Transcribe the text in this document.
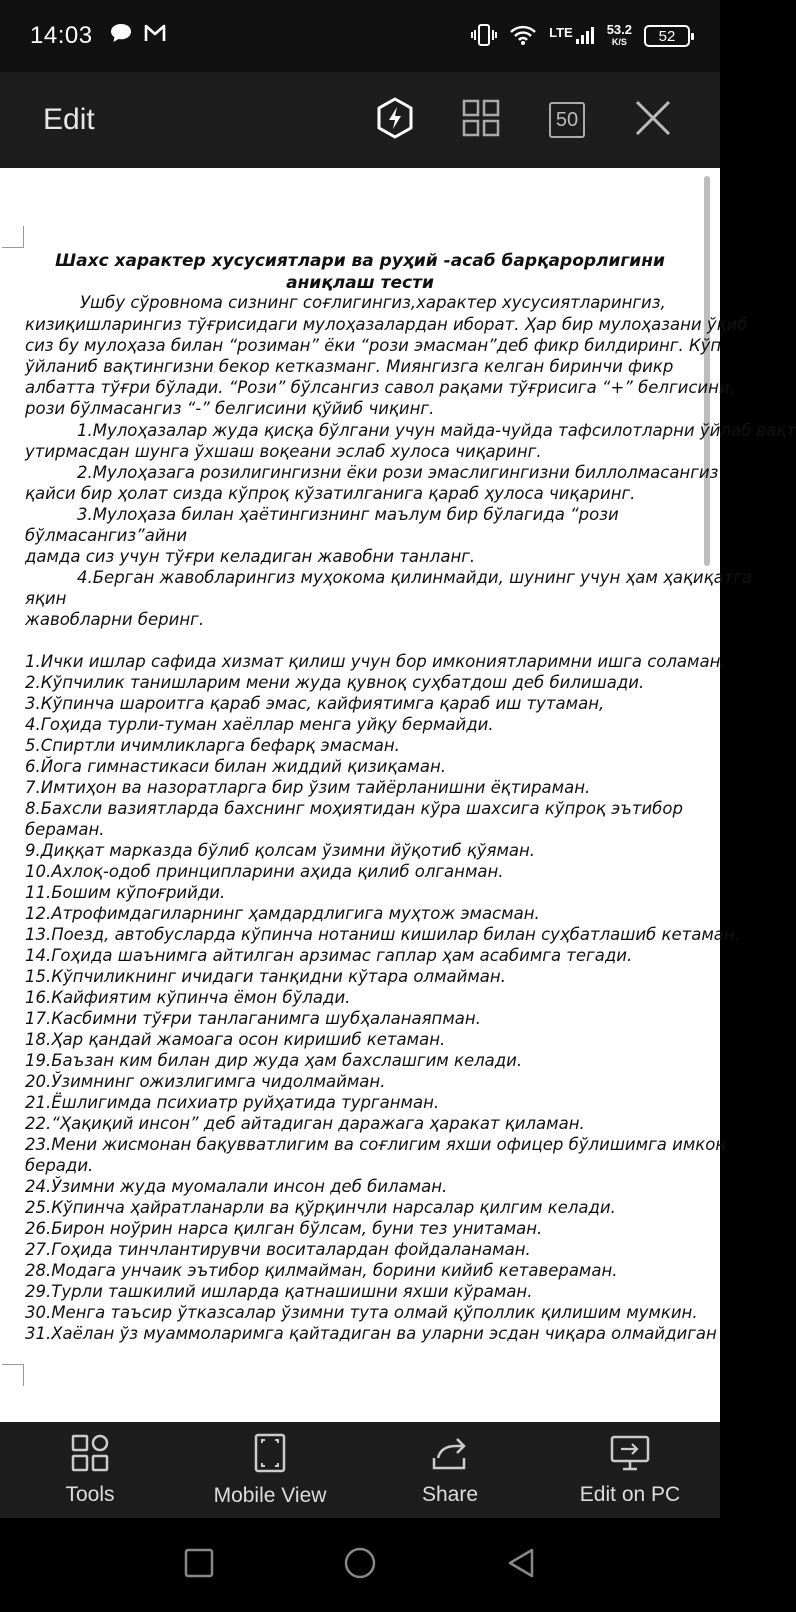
14:03	LTE	53.2
K/S 52
Edit	50
Шахс характер хусусиятлари ва руҳий -асаб барқарорлигини
аниқлаш тести
Ушбу сўровнома сизнинг соғлигингиз,характер хусусиятларингиз,
кизиқишларингиз тўғрисидаги мулоҳазалардан иборат. Ҳар бир мулоҳазани ўқиб
сиз бу мулоҳаза билан “розиман” ёки “рози эмасман”деб фикр билдиринг. Кўп
ўйланиб вақтингизни бекор кетказманг. Миянгизга келган биринчи фикр
албатта тўғри бўлади. “Рози” бўлсангиз савол рақами тўғрисига “+” белгисини,
рози бўлмасангиз “-” белгисини қўйиб чиқинг.
1.Мулоҳазалар жуда қисқа бўлгани учун майда-чуйда тафсилотларни ўйлаб вақт
утирмасдан шунга ўхшаш воқеани эслаб хулоса чиқаринг.
2.Мулоҳазага розилигингизни ёки рози эмаслигингизни биллолмасангиз
қайси бир ҳолат сизда кўпроқ кўзатилганига қараб ҳулоса чиқаринг.
3.Мулоҳаза билан ҳаётингизнинг маълум бир бўлагида “рози
бўлмасангиз”айни
дамда сиз учун тўғри келадиган жавобни танланг.
4.Берган жавобларингиз муҳокома қилинмайди, шунинг учун ҳам ҳақиқатга
яқин
жавобларни беринг.
1.Ички ишлар сафида хизмат қилиш учун бор имкониятларимни ишга соламан.
2.Кўпчилик танишларим мени жуда қувноқ суҳбатдош деб билишади.
3.Кўпинча шароитга қараб эмас, кайфиятимга қараб иш тутаман,
4.Гоҳида турли-туман хаёллар менга уйқу бермайди.
5.Спиртли ичимликларга бефарқ эмасман.
6.Йога гимнастикаси билан жиддий қизиқаман.
7.Имтиҳон ва назоратларга бир ўзим тайёрланишни ёқтираман.
8.Бахсли вазиятларда бахснинг моҳиятидан кўра шахсига кўпроқ эътибор
бераман.
9.Диққат марказда бўлиб қолсам ўзимни йўқотиб қўяман.
10.Ахлоқ-одоб принципларини аҳида қилиб олганман.
11.Бошим кўпоғрийди.
12.Атрофимдагиларнинг ҳамдардлигига муҳтож эмасман.
13.Поезд, автобусларда кўпинча нотаниш кишилар билан суҳбатлашиб кетаман.
14.Гоҳида шаънимга айтилган арзимас гаплар ҳам асабимга тегади.
15.Кўпчиликнинг ичидаги танқидни кўтара олмайман.
16.Кайфиятим кўпинча ёмон бўлади.
17.Касбимни тўғри танлаганимга шубҳаланаяпман.
18.Ҳар қандай жамоага осон киришиб кетаман.
19.Баъзан ким билан дир жуда ҳам бахслашгим келади.
20.Ўзимнинг ожизлигимга чидолмайман.
21.Ёшлигимда психиатр руйҳатида турганман.
22.“Ҳақиқий инсон” деб айтадиган даражага ҳаракат қиламан.
23.Мени жисмонан бақувватлигим ва соғлигим яхши офицер бўлишимга имкон
беради.
24.Ўзимни жуда муомалали инсон деб биламан.
25.Кўпинча ҳайратланарли ва қўрқинчли нарсалар қилгим келади.
26.Бирон ноўрин нарса қилган бўлсам, буни тез унитаман.
27.Гоҳида тинчлантирувчи воситалардан фойдаланаман.
28.Модага унчаик эътибор қилмайман, борини кийиб кетавераман.
29.Турли ташкилий ишларда қатнашишни яхши кўраман.
30.Менга таъсир ўтказсалар ўзимни тута олмай қўполлик қилишим мумкин.
31.Хаёлан ўз муаммоларимга қайтадиган ва уларни эсдан чиқара олмайдиган
Tools	Mobile View	Share	Edit on PC
